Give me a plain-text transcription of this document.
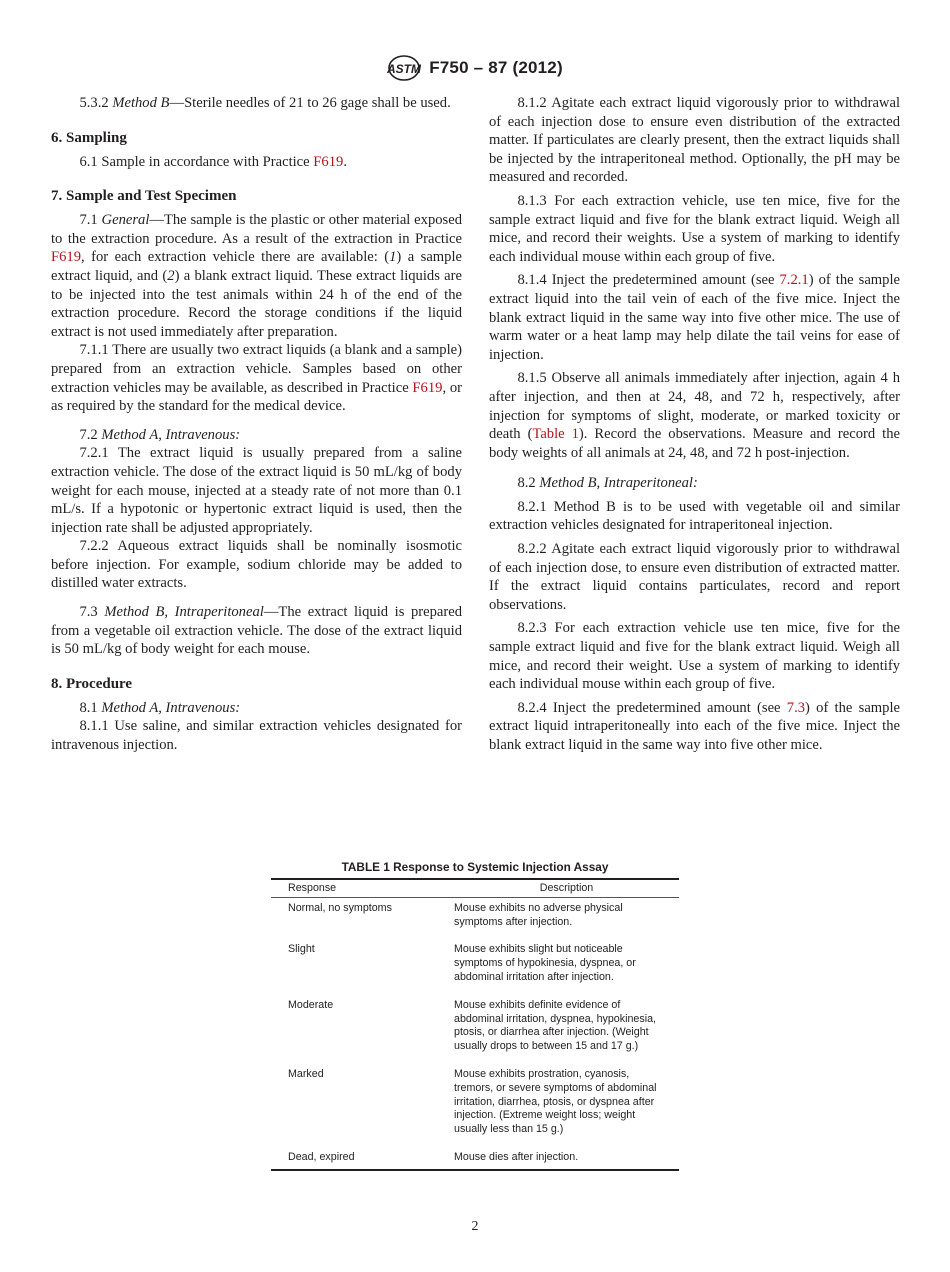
ASTM F750 – 87 (2012)

5.3.2 Method B—Sterile needles of 21 to 26 gage shall be used.

6. Sampling

6.1 Sample in accordance with Practice F619.

7. Sample and Test Specimen

7.1 General—The sample is the plastic or other material exposed to the extraction procedure. As a result of the extraction in Practice F619, for each extraction vehicle there are available: (1) a sample extract liquid, and (2) a blank extract liquid. These extract liquids are to be injected into the test animals within 24 h of the end of the extraction procedure. Record the storage conditions if the liquid extract is not used immediately after preparation.

7.1.1 There are usually two extract liquids (a blank and a sample) prepared from an extraction vehicle. Samples based on other extraction vehicles may be available, as described in Practice F619, or as required by the standard for the medical device.

7.2 Method A, Intravenous:

7.2.1 The extract liquid is usually prepared from a saline extraction vehicle. The dose of the extract liquid is 50 mL/kg of body weight for each mouse, injected at a steady rate of not more than 0.1 mL/s. If a hypotonic or hypertonic extract liquid is used, then the injection rate shall be adjusted appropriately.

7.2.2 Aqueous extract liquids shall be nominally isosmotic before injection. For example, sodium chloride may be added to distilled water extracts.

7.3 Method B, Intraperitoneal—The extract liquid is prepared from a vegetable oil extraction vehicle. The dose of the extract liquid is 50 mL/kg of body weight for each mouse.

8. Procedure

8.1 Method A, Intravenous:

8.1.1 Use saline, and similar extraction vehicles designated for intravenous injection.

8.1.2 Agitate each extract liquid vigorously prior to withdrawal of each injection dose to ensure even distribution of the extracted matter. If particulates are clearly present, then the extract liquids shall be injected by the intraperitoneal method. Optionally, the pH may be measured and recorded.

8.1.3 For each extraction vehicle, use ten mice, five for the sample extract liquid and five for the blank extract liquid. Weigh all mice, and record their weights. Use a system of marking to identify each individual mouse within each group of five.

8.1.4 Inject the predetermined amount (see 7.2.1) of the sample extract liquid into the tail vein of each of the five mice. Inject the blank extract liquid in the same way into five other mice. The use of warm water or a heat lamp may help dilate the tail veins for ease of injection.

8.1.5 Observe all animals immediately after injection, again 4 h after injection, and then at 24, 48, and 72 h, respectively, after injection for symptoms of slight, moderate, or marked toxicity or death (Table 1). Record the observations. Measure and record the body weights of all animals at 24, 48, and 72 h post-injection.

8.2 Method B, Intraperitoneal:

8.2.1 Method B is to be used with vegetable oil and similar extraction vehicles designated for intraperitoneal injection.

8.2.2 Agitate each extract liquid vigorously prior to withdrawal of each injection dose, to ensure even distribution of extracted matter. If the extract liquid contains particulates, record and report observations.

8.2.3 For each extraction vehicle use ten mice, five for the sample extract liquid and five for the blank extract liquid. Weigh all mice, and record their weight. Use a system of marking to identify each individual mouse within each group of five.

8.2.4 Inject the predetermined amount (see 7.3) of the sample extract liquid intraperitoneally into each of the five mice. Inject the blank extract liquid in the same way into five other mice.

TABLE 1 Response to Systemic Injection Assay
Response	Description
Normal, no symptoms	Mouse exhibits no adverse physical symptoms after injection.

Slight	Mouse exhibits slight but noticeable symptoms of hypokinesia, dyspnea, or abdominal irritation after injection.

Moderate	Mouse exhibits definite evidence of abdominal irritation, dyspnea, hypokinesia, ptosis, or diarrhea after injection. (Weight usually drops to between 15 and 17 g.)

Marked	Mouse exhibits prostration, cyanosis, tremors, or severe symptoms of abdominal irritation, diarrhea, ptosis, or dyspnea after injection. (Extreme weight loss; weight usually less than 15 g.)

Dead, expired	Mouse dies after injection.
2
